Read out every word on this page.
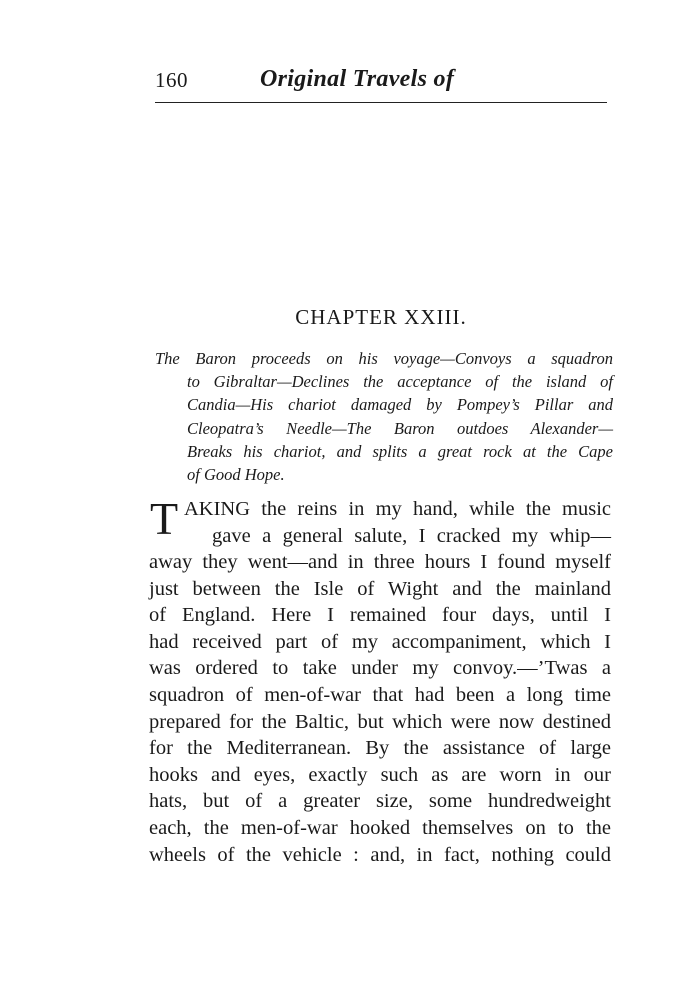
160	Original Travels of
CHAPTER XXIII.
The Baron proceeds on his voyage—Convoys a squadron
to Gibraltar—Declines the acceptance of the island of
Candia—His chariot damaged by Pompey’s Pillar and
Cleopatra’s Needle—The Baron outdoes Alexander—
Breaks his chariot, and splits a great rock at the Cape
of Good Hope.
T AKING the reins in my hand, while the music
gave a general salute, I cracked my whip—
away they went—and in three hours I found myself
just between the Isle of Wight and the mainland
of England. Here I remained four days, until I
had received part of my accompaniment, which I
was ordered to take under my convoy.—’Twas a
squadron of men-of-war that had been a long time
prepared for the Baltic, but which were now destined
for the Mediterranean. By the assistance of large
hooks and eyes, exactly such as are worn in our
hats, but of a greater size, some hundredweight
each, the men-of-war hooked themselves on to the
wheels of the vehicle : and, in fact, nothing could
